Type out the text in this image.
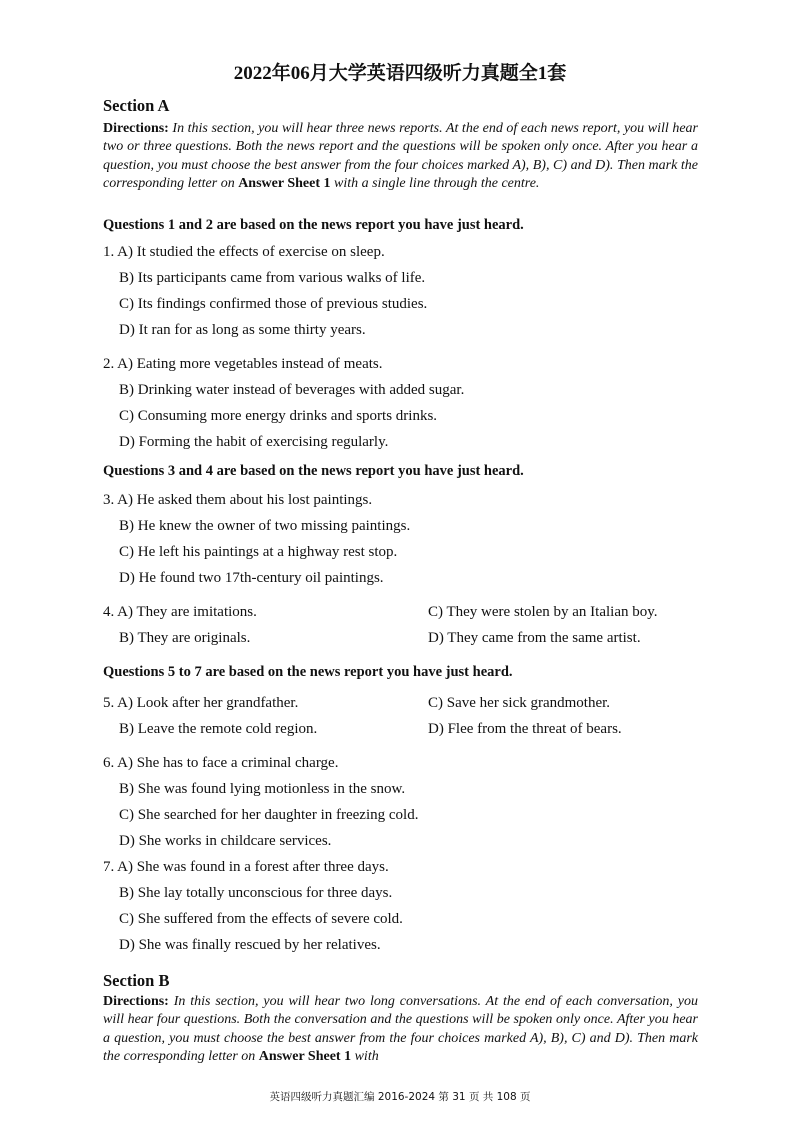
2022年06月大学英语四级听力真题全1套
Section A
Directions: In this section, you will hear three news reports. At the end of each news report, you will hear two or three questions. Both the news report and the questions will be spoken only once. After you hear a question, you must choose the best answer from the four choices marked A), B), C) and D). Then mark the corresponding letter on Answer Sheet 1 with a single line through the centre.
Questions 1 and 2 are based on the news report you have just heard.
1. A) It studied the effects of exercise on sleep.
B) Its participants came from various walks of life.
C) Its findings confirmed those of previous studies.
D) It ran for as long as some thirty years.
2. A) Eating more vegetables instead of meats.
B) Drinking water instead of beverages with added sugar.
C) Consuming more energy drinks and sports drinks.
D) Forming the habit of exercising regularly.
Questions 3 and 4 are based on the news report you have just heard.
3. A) He asked them about his lost paintings.
B) He knew the owner of two missing paintings.
C) He left his paintings at a highway rest stop.
D) He found two 17th-century oil paintings.
4. A) They are imitations.
B) They are originals.
C) They were stolen by an Italian boy.
D) They came from the same artist.
Questions 5 to 7 are based on the news report you have just heard.
5. A) Look after her grandfather.
B) Leave the remote cold region.
C) Save her sick grandmother.
D) Flee from the threat of bears.
6. A) She has to face a criminal charge.
B) She was found lying motionless in the snow.
C) She searched for her daughter in freezing cold.
D) She works in childcare services.
7. A) She was found in a forest after three days.
B) She lay totally unconscious for three days.
C) She suffered from the effects of severe cold.
D) She was finally rescued by her relatives.
Section B
Directions: In this section, you will hear two long conversations. At the end of each conversation, you will hear four questions. Both the conversation and the questions will be spoken only once. After you hear a question, you must choose the best answer from the four choices marked A), B), C) and D). Then mark the corresponding letter on Answer Sheet 1 with
英语四级听力真题汇编 2016-2024 第 31 页 共 108 页
